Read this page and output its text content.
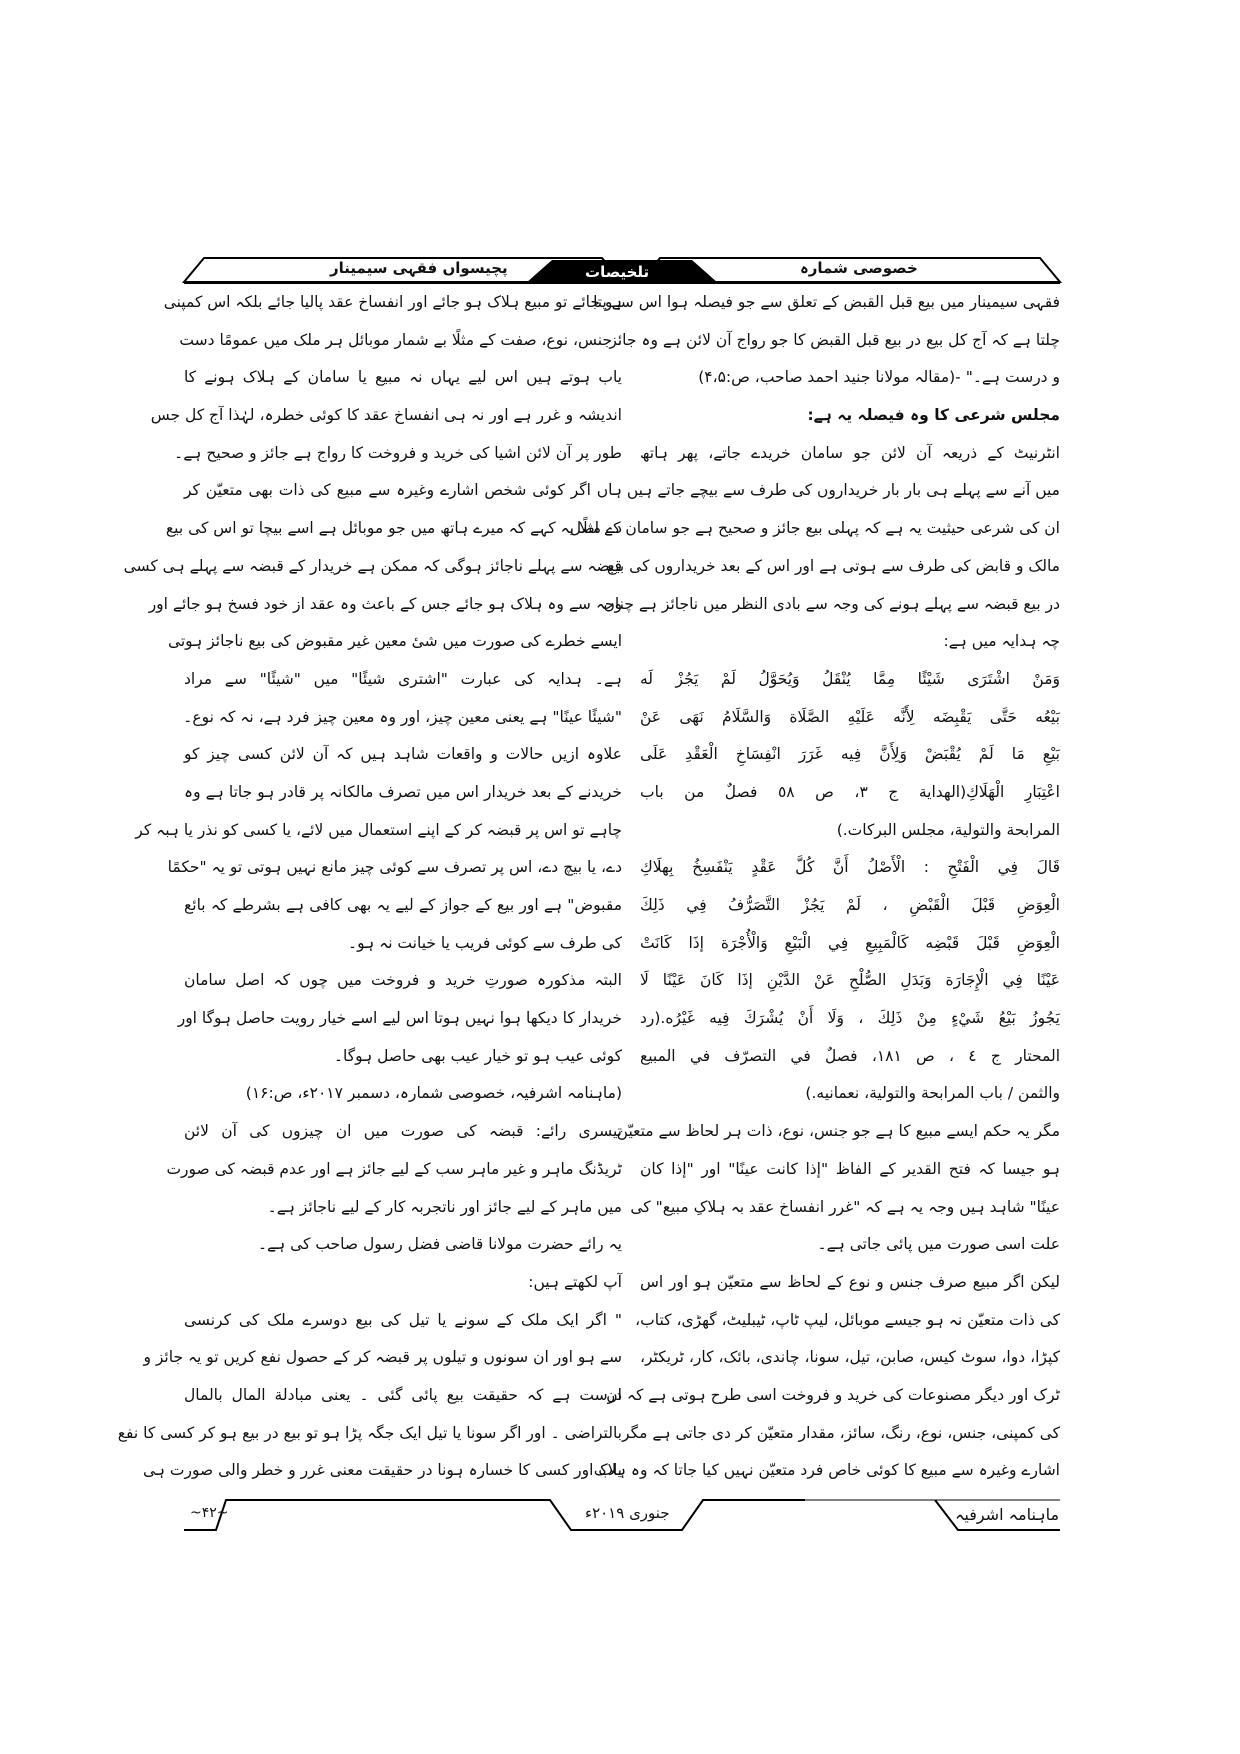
خصوصی شمارہ
تلخیصات
پچیسواں فقہی سیمینار
فقہی سیمینار میں بیع قبل القبض کے تعلق سے جو فیصلہ ہوا اس سے پتا
چلتا ہے کہ آج کل بیع در بیع قبل القبض کا جو رواج آن لائن ہے وہ جائز
و درست ہے۔" -(مقالہ مولانا جنید احمد صاحب، ص:۴،۵)
مجلس شرعی کا وہ فیصلہ یہ ہے:
انٹرنیٹ کے ذریعہ آن لائن جو سامان خریدے جاتے، پھر ہاتھ
میں آنے سے پہلے ہی بار بار خریداروں کی طرف سے بیچے جاتے ہیں
ان کی شرعی حیثیت یہ ہے کہ پہلی بیع جائز و صحیح ہے جو سامان کے اصل
مالک و قابض کی طرف سے ہوتی ہے اور اس کے بعد خریداروں کی بیع
در بیع قبضہ سے پہلے ہونے کی وجہ سے بادی النظر میں ناجائز ہے چناں
چہ ہدایہ میں ہے:
وَمَنْ اشْتَرَى شَيْئًا مِمَّا يُنْقَلُ وَيُحَوَّلُ لَمْ يَجُزْ لَه
بَيْعُه حَتَّى يَقْبِضَه لِأَنَّه عَلَيْهِ الصَّلَاة وَالسَّلَامُ نَهَى عَنْ
بَيْعِ مَا لَمْ يُقْبَضْ وَلِأَنَّ فِيه غَرَرَ انْفِسَاخِ الْعَقْدِ عَلَى
اعْتِبَارِ الْهَلَاكِ(الهداية ج ٣، ص ٥٨ فصلٌ من باب
المرابحة والتولية، مجلس البركات.)
قَالَ فِي الْفَتْحِ : الْأَصْلُ أَنَّ كُلَّ عَقْدٍ يَنْفَسِخُ بِهلَاكِ
الْعِوَضِ قَبْلَ الْقَبْضِ ، لَمْ يَجُزْ التَّصَرُّفُ فِي ذَلِكَ
الْعِوَضِ قَبْلَ قَبْضِه كَالْمَبِيعِ فِي الْبَيْعِ وَالْأُجْرَة إذَا كَانَتْ
عَيْنًا فِي الْإِجَارَة وَبَدَلِ الصُّلْحِ عَنْ الدَّيْنِ إذَا كَانَ عَيْنًا لَا
يَجُوزُ بَيْعُ شَيْءٍ مِنْ ذَلِكَ ، وَلَا أَنْ يُشْرَكَ فِيه غَيْرُه.(رد
المحتار ج ٤ ، ص ١٨١، فصلٌ في التصرّف في المبيع
والثمن / باب المرابحة والتولية، نعمانيه.)
مگر یہ حکم ایسے مبیع کا ہے جو جنس، نوع، ذات ہر لحاظ سے متعیّن
ہو جیسا کہ فتح القدیر کے الفاظ "إذا كانت عينًا" اور "إذا كان
عينًا" شاہد ہیں وجہ یہ ہے کہ "غرر انفساخ عقد بہ ہلاکِ مبیع" کی
علت اسی صورت میں پائی جاتی ہے۔
لیکن اگر مبیع صرف جنس و نوع کے لحاظ سے متعیّن ہو اور اس
کی ذات متعیّن نہ ہو جیسے موبائل، لیپ ٹاپ، ٹیبلیٹ، گھڑی، کتاب،
کپڑا، دوا، سوٹ کیس، صابن، تیل، سونا، چاندی، بائک، کار، ٹریکٹر،
ٹرک اور دیگر مصنوعات کی خرید و فروخت اسی طرح ہوتی ہے کہ ان
کی کمپنی، جنس، نوع، رنگ، سائز، مقدار متعیّن کر دی جاتی ہے مگر
اشارے وغیرہ سے مبیع کا کوئی خاص فرد متعیّن نہیں کیا جاتا کہ وہ ہلاک
ہو جائے تو مبیع ہلاک ہو جائے اور انفساخ عقد پالیا جائے بلکہ اس کمپنی
، جنس، نوع، صفت کے مثلًا بے شمار موبائل ہر ملک میں عمومًا دست
یاب ہوتے ہیں اس لیے یہاں نہ مبیع یا سامان کے ہلاک ہونے کا
اندیشہ و غرر ہے اور نہ ہی انفساخ عقد کا کوئی خطرہ، لہٰذا آج کل جس
طور پر آن لائن اشیا کی خرید و فروخت کا رواج ہے جائز و صحیح ہے۔
ہاں اگر کوئی شخص اشارے وغیرہ سے مبیع کی ذات بھی متعیّن کر
دے مثلًا یہ کہے کہ میرے ہاتھ میں جو موبائل ہے اسے بیچا تو اس کی بیع
قبضہ سے پہلے ناجائز ہوگی کہ ممکن ہے خریدار کے قبضہ سے پہلے ہی کسی
وجہ سے وہ ہلاک ہو جائے جس کے باعث وہ عقد از خود فسخ ہو جائے اور
ایسے خطرے کی صورت میں شیٔ معین غیر مقبوض کی بیع ناجائز ہوتی
ہے۔ ہدایہ کی عبارت "اشترى شيئًا" میں "شيئًا" سے مراد
"شيئًا عينًا" ہے یعنی معین چیز، اور وہ معین چیز فرد ہے، نہ کہ نوع۔
علاوہ ازیں حالات و واقعات شاہد ہیں کہ آن لائن کسی چیز کو
خریدنے کے بعد خریدار اس میں تصرف مالکانہ پر قادر ہو جاتا ہے وہ
چاہے تو اس پر قبضہ کر کے اپنے استعمال میں لائے، یا کسی کو نذر یا ہبہ کر
دے، یا بیچ دے، اس پر تصرف سے کوئی چیز مانع نہیں ہوتی تو یہ "حکمًا
مقبوض" ہے اور بیع کے جواز کے لیے یہ بھی کافی ہے بشرطے کہ بائع
کی طرف سے کوئی فریب یا خیانت نہ ہو۔
البتہ مذکورہ صورتِ خرید و فروخت میں چوں کہ اصل سامان
خریدار کا دیکھا ہوا نہیں ہوتا اس لیے اسے خیار رویت حاصل ہوگا اور
کوئی عیب ہو تو خیار عیب بھی حاصل ہوگا۔
(ماہنامہ اشرفیہ، خصوصی شمارہ، دسمبر ۲۰۱۷ء، ص:۱۶)
تیسری رائے: قبضہ کی صورت میں ان چیزوں کی آن لائن
ٹریڈنگ ماہر و غیر ماہر سب کے لیے جائز ہے اور عدم قبضہ کی صورت
میں ماہر کے لیے جائز اور ناتجربہ کار کے لیے ناجائز ہے۔
یہ رائے حضرت مولانا قاضی فضل رسول صاحب کی ہے۔
آپ لکھتے ہیں:
" اگر ایک ملک کے سونے یا تیل کی بیع دوسرے ملک کی کرنسی
سے ہو اور ان سونوں و تیلوں پر قبضہ کر کے حصول نفع کریں تو یہ جائز و
درست ہے کہ حقیقت بیع پائی گئی ۔ یعنی مبادلة المال بالمال
بالتراضی ۔ اور اگر سونا یا تیل ایک جگہ پڑا ہو تو بیع در بیع ہو کر کسی کا نفع
یاب اور کسی کا خسارہ ہونا در حقیقت معنی غرر و خطر والی صورت ہی
ماہنامہ اشرفیہ
جنوری ۲۰۱۹ء
~۴۲~
